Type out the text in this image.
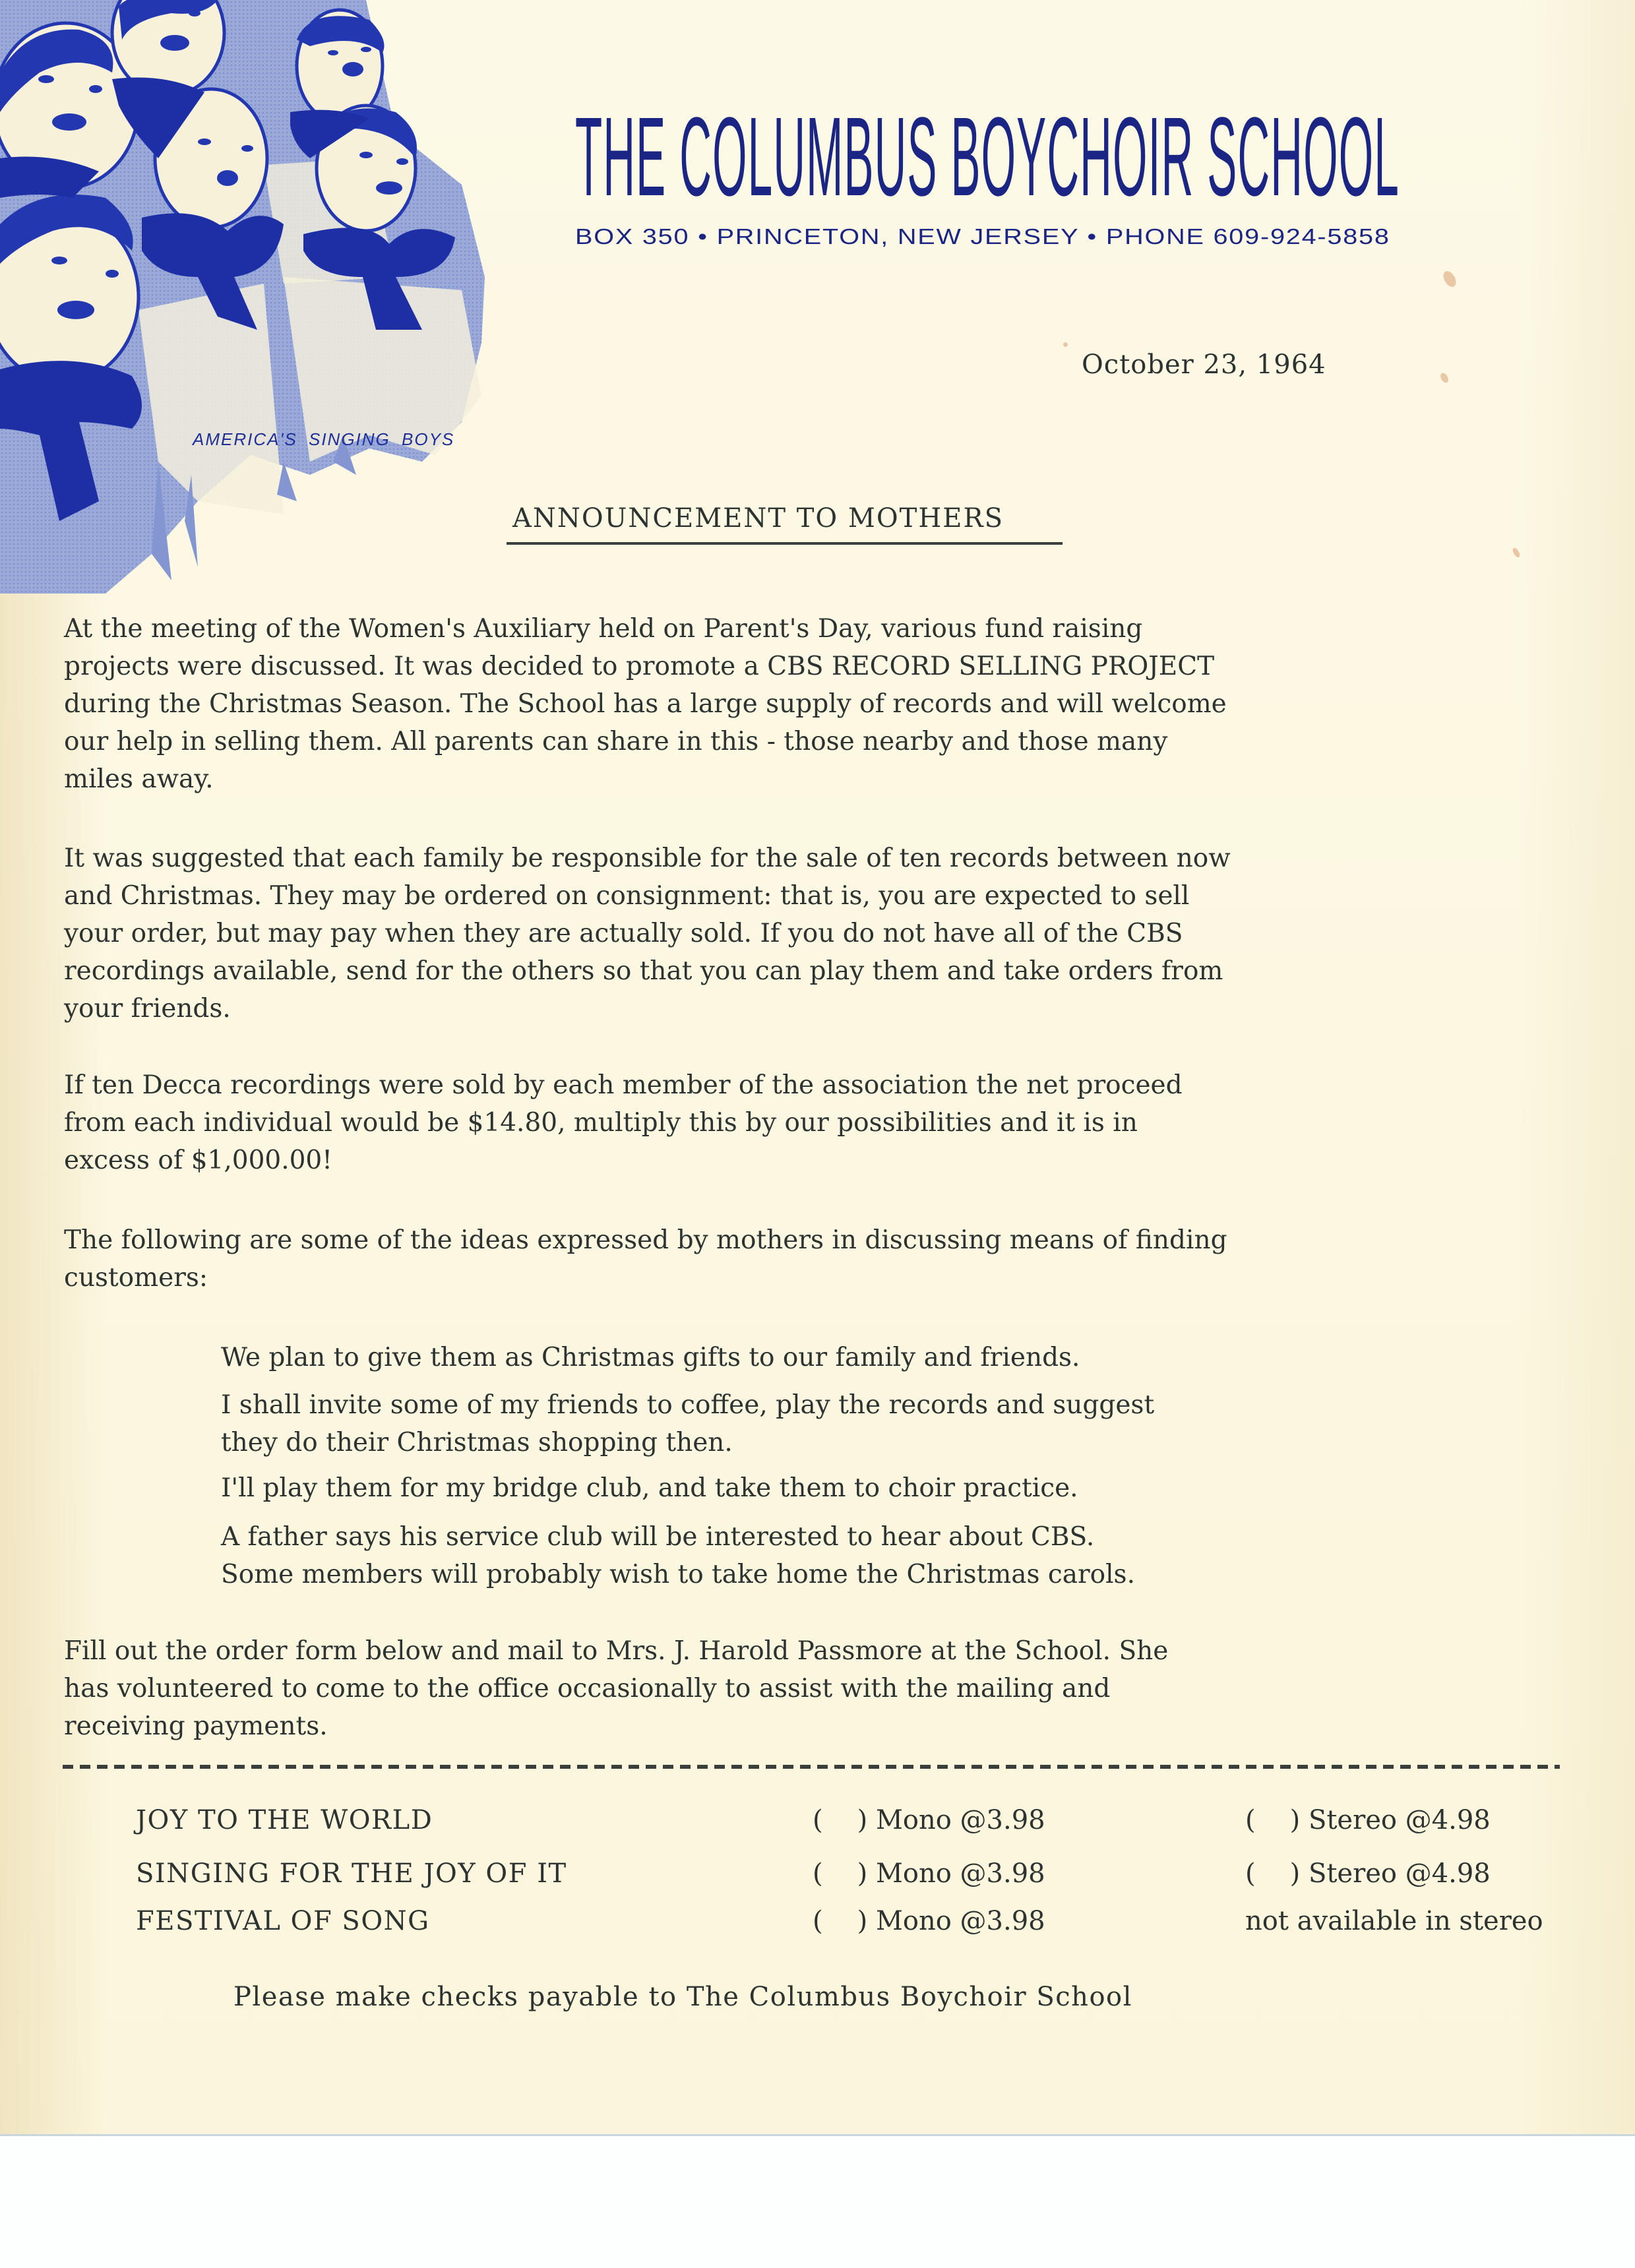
AMERICA'S SINGING BOYS
THE COLUMBUS BOYCHOIR SCHOOL
BOX 350 • PRINCETON, NEW JERSEY • PHONE 609-924-5858
October 23, 1964
ANNOUNCEMENT TO MOTHERS
At the meeting of the Women's Auxiliary held on Parent's Day, various fund raising
projects were discussed. It was decided to promote a CBS RECORD SELLING PROJECT
during the Christmas Season. The School has a large supply of records and will welcome
our help in selling them. All parents can share in this - those nearby and those many
miles away.
It was suggested that each family be responsible for the sale of ten records between now
and Christmas. They may be ordered on consignment: that is, you are expected to sell
your order, but may pay when they are actually sold. If you do not have all of the CBS
recordings available, send for the others so that you can play them and take orders from
your friends.
If ten Decca recordings were sold by each member of the association the net proceed
from each individual would be $14.80, multiply this by our possibilities and it is in
excess of $1,000.00!
The following are some of the ideas expressed by mothers in discussing means of finding
customers:
We plan to give them as Christmas gifts to our family and friends.
I shall invite some of my friends to coffee, play the records and suggest
they do their Christmas shopping then.
I'll play them for my bridge club, and take them to choir practice.
A father says his service club will be interested to hear about CBS.
Some members will probably wish to take home the Christmas carols.
Fill out the order form below and mail to Mrs. J. Harold Passmore at the School. She
has volunteered to come to the office occasionally to assist with the mailing and
receiving payments.
JOY TO THE WORLD	( ) Mono @3.98	( ) Stereo @4.98
SINGING FOR THE JOY OF IT	( ) Mono @3.98	( ) Stereo @4.98
FESTIVAL OF SONG	( ) Mono @3.98	not available in stereo
Please make checks payable to The Columbus Boychoir School
